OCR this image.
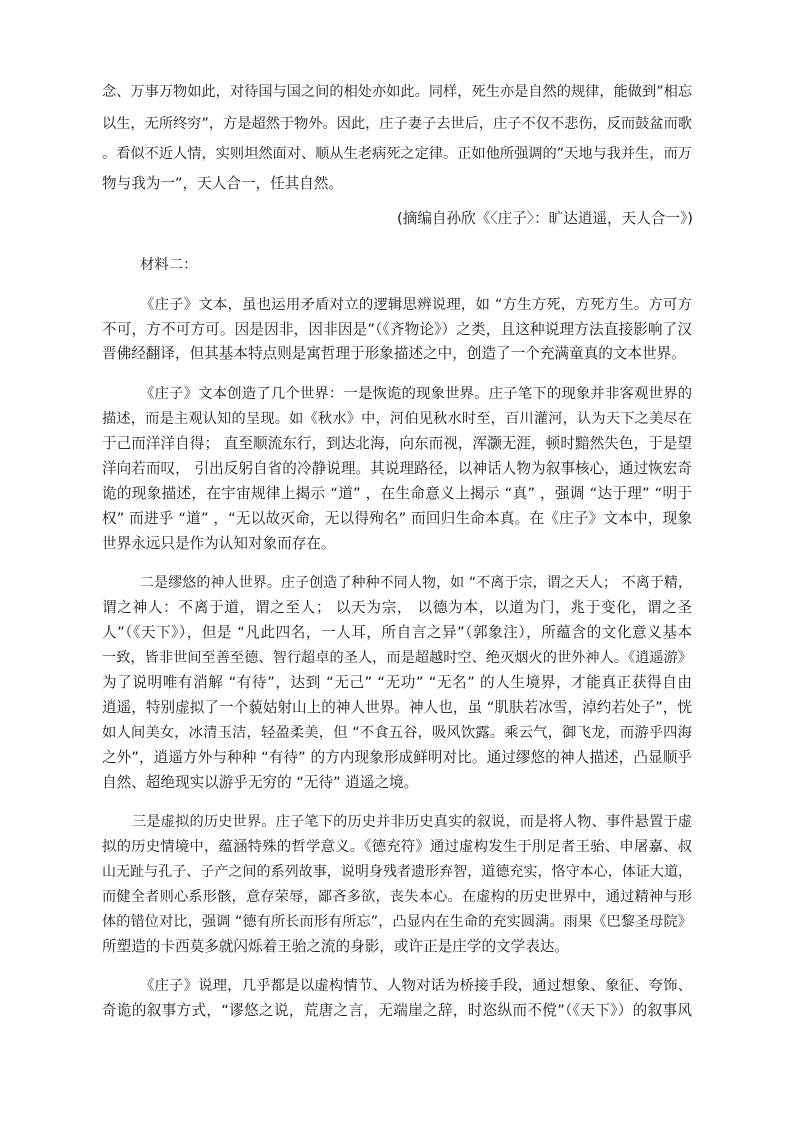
念、万事万物如此，对待国与国之间的相处亦如此。同样，死生亦是自然的规律，能做到”相忘
以生，无所终穷”，方是超然于物外。因此，庄子妻子去世后，庄子不仅不悲伤，反而鼓盆而歌
。看似不近人情，实则坦然面对、顺从生老病死之定律。正如他所强调的”天地与我并生，而万
物与我为一”，天人合一，任其自然。
(摘编自孙欣《〈庄子〉：旷达逍遥，天人合一》)
材料二：
《庄子》文本，虽也运用矛盾对立的逻辑思辨说理，如 “方生方死，方死方生。方可方
不可，方不可方可。因是因非，因非因是”（《齐物论》）之类，且这种说理方法直接影响了汉
晋佛经翻译，但其基本特点则是寓哲理于形象描述之中，创造了一个充满童真的文本世界。
《庄子》文本创造了几个世界：一是恢诡的现象世界。庄子笔下的现象并非客观世界的
描述，而是主观认知的呈现。如《秋水》中，河伯见秋水时至，百川灌河，认为天下之美尽在
于己而洋洋自得； 直至顺流东行，到达北海，向东而视，浑灏无涯，顿时黯然失色，于是望
洋向若而叹， 引出反躬自省的冷静说理。其说理路径，以神话人物为叙事核心，通过恢宏奇
诡的现象描述，在宇宙规律上揭示 “道” ，在生命意义上揭示 “真” ，强调 “达于理” “明于
权” 而进乎 “道” ，“无以故灭命，无以得殉名” 而回归生命本真。在《庄子》文本中，现象
世界永远只是作为认知对象而存在。
二是缪悠的神人世界。庄子创造了种种不同人物，如 “不离于宗，谓之天人； 不离于精，
谓之神人：不离于道，谓之至人； 以天为宗， 以德为本，以道为门，兆于变化，谓之圣
人”（《天下》），但是 “凡此四名，一人耳，所自言之异”（郭象注），所蕴含的文化意义基本
一致，皆非世间至善至德、智行超卓的圣人，而是超越时空、绝灭烟火的世外神人。《逍遥游》
为了说明唯有消解 “有待”，达到 “无己” “无功” “无名” 的人生境界，才能真正获得自由
逍遥，特别虚拟了一个藐姑射山上的神人世界。神人也，虽 “肌肤若冰雪，淖约若处子”，恍
如人间美女，冰清玉洁，轻盈柔美，但 “不食五谷，吸风饮露。乘云气，御飞龙，而游乎四海
之外”，逍遥方外与种种 “有待” 的方内现象形成鲜明对比。通过缪悠的神人描述，凸显顺乎
自然、超绝现实以游乎无穷的 “无待” 逍遥之境。
三是虚拟的历史世界。庄子笔下的历史并非历史真实的叙说，而是将人物、事件悬置于虚
拟的历史情境中，蕴涵特殊的哲学意义。《德充符》通过虚构发生于刖足者王骀、申屠嘉、叔
山无趾与孔子、子产之间的系列故事，说明身残者遗形弃智，道德充实，恪守本心，体证大道，
而健全者则心系形骸，意存荣辱，鄙吝多欲，丧失本心。在虚构的历史世界中，通过精神与形
体的错位对比，强调 “德有所长而形有所忘”，凸显内在生命的充实圆满。雨果《巴黎圣母院》
所塑造的卡西莫多就闪烁着王骀之流的身影，或许正是庄学的文学表达。
《庄子》说理，几乎都是以虚构情节、人物对话为桥接手段，通过想象、象征、夸饰、
奇诡的叙事方式，“谬悠之说，荒唐之言，无端崖之辞，时恣纵而不傥”（《天下》）的叙事风
